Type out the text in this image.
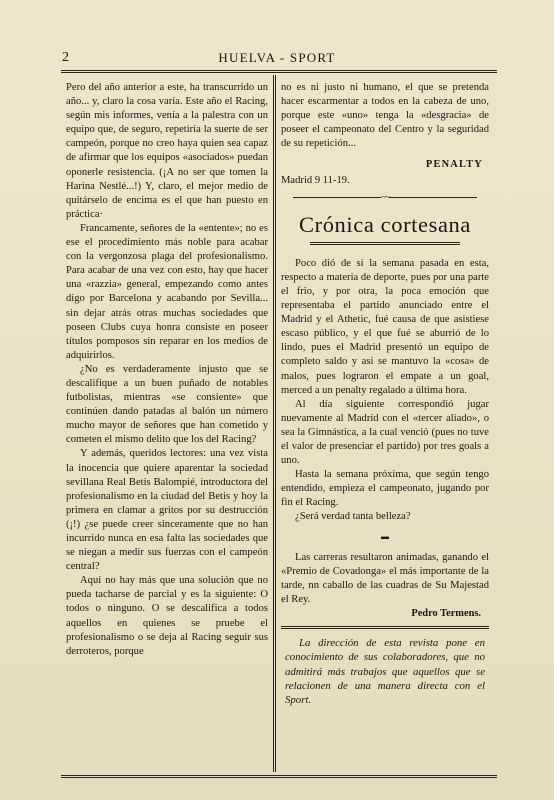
2	HUELVA - SPORT

Pero del año anterior a este, ha transcurrido un año... y, claro la cosa varía. Este año el Racing, según mis informes, venía a la palestra con un equipo que, de seguro, repetiría la suerte de ser campeón, porque no creo haya quien sea capaz de afirmar que los equipos «asociados» puedan oponerle resistencia. (¡A no ser que tomen la Harina Nestlé...!) Y, claro, el mejor medio de quitárselo de encima es el que han puesto en práctica·

Francamente, señores de la «entente»; no es ese el procedimiento más noble para acabar con la vergonzosa plaga del profesionalismo. Para acabar de una vez con esto, hay que hacer una «razzia» general, empezando como antes digo por Barcelona y acabando por Sevilla... sin dejar atrás otras muchas sociedades que poseen Clubs cuya honra consiste en poseer títulos pomposos sin reparar en los medios de adquirirlos.

¿No es verdaderamente injusto que se descalifique a un buen puñado de notables futbolistas, mientras «se consiente» que continúen dando patadas al balón un número mucho mayor de señores que han cometido y cometen el mismo delito que los del Racing?

Y además, queridos lectores: una vez vista la inocencia que quiere aparentar la sociedad sevillana Real Betis Balompié, introductora del profesionalismo en la ciudad del Betis y hoy la primera en clamar a gritos por su destrucción (¡!) ¿se puede creer sinceramente que no han incurrido nunca en esa falta las sociedades que se niegan a medir sus fuerzas con el campeón central?

Aquí no hay más que una solución que no pueda tacharse de parcial y es la siguiente: O todos o ninguno. O se descalifica a todos aquellos en quienes se pruebe el profesionalismo o se deja al Racing seguir sus derroteros, porque

no es ni justo ni humano, el que se pretenda hacer escarmentar a todos en la cabeza de uno, porque este «uno» tenga la «desgracia» de poseer el campeonato del Centro y la seguridad de su repetición...

PENALTY
Madrid 9 11-19.
~~
Crónica cortesana

Poco dió de sí la semana pasada en esta, respecto a materia de deporte, pues por una parte el frio, y por otra, la poca emoción que representaba el partido anunciado entre el Madrid y el Athetic, fué causa de que asistiese escaso público, y el que fué se aburrió de lo lindo, pues el Madrid presentó un equipo de completo saldo y así se mantuvo la «cosa» de malos, pues lograron el empate a un goal, merced a un penalty regalado a última hora.

Al día siguiente correspondió jugar nuevamente al Madrid con el «tercer aliado», o sea la Gimnástica, a la cual venció (pues no tuve el valor de presenciar el partido) por tres goals a uno.

Hasta la semana próxima, que según tengo entendido, empieza el campeonato, jugando por fin el Racing.

¿Será verdad tanta belleza?

▬

Las carreras resultaron animadas, ganando el «Premio de Covadonga» el más importante de la tarde, nn caballo de las cuadras de Su Majestad el Rey.

Pedro Termens.

La dirección de esta revista pone en conocimiento de sus colaboradores, que no admitirá más trabajos que aquellos que se relacionen de una manera directa con el Sport.
